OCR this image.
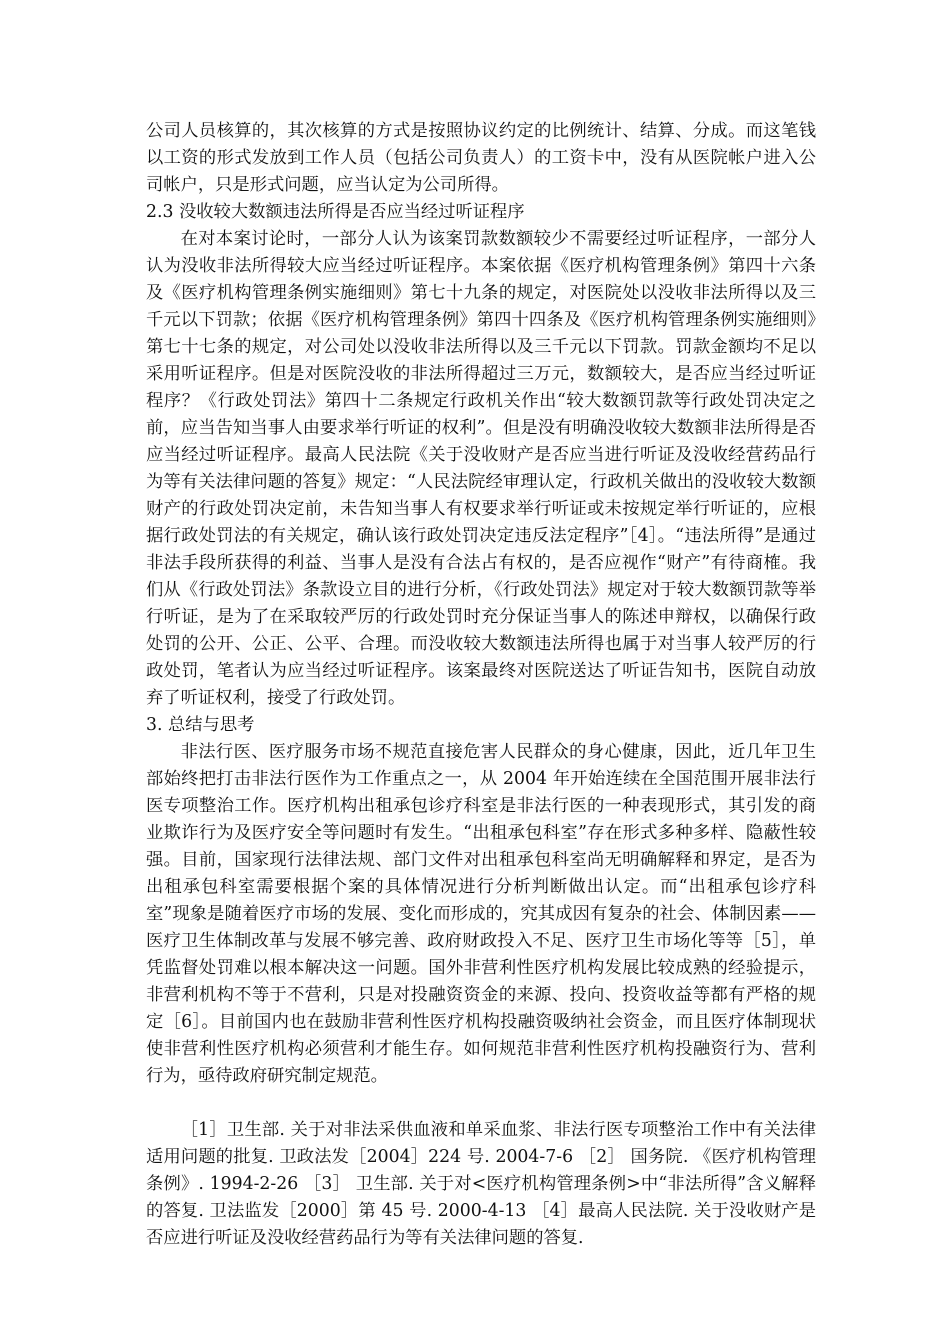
公司人员核算的，其次核算的方式是按照协议约定的比例统计、结算、分成。而这笔钱以工资的形式发放到工作人员（包括公司负责人）的工资卡中，没有从医院帐户进入公司帐户，只是形式问题，应当认定为公司所得。

2.3 没收较大数额违法所得是否应当经过听证程序

在对本案讨论时，一部分人认为该案罚款数额较少不需要经过听证程序，一部分人认为没收非法所得较大应当经过听证程序。本案依据《医疗机构管理条例》第四十六条及《医疗机构管理条例实施细则》第七十九条的规定，对医院处以没收非法所得以及三千元以下罚款；依据《医疗机构管理条例》第四十四条及《医疗机构管理条例实施细则》第七十七条的规定，对公司处以没收非法所得以及三千元以下罚款。罚款金额均不足以采用听证程序。但是对医院没收的非法所得超过三万元，数额较大，是否应当经过听证程序？《行政处罚法》第四十二条规定行政机关作出“较大数额罚款等行政处罚决定之前，应当告知当事人由要求举行听证的权利”。但是没有明确没收较大数额非法所得是否应当经过听证程序。最高人民法院《关于没收财产是否应当进行听证及没收经营药品行为等有关法律问题的答复》规定：“人民法院经审理认定，行政机关做出的没收较大数额财产的行政处罚决定前，未告知当事人有权要求举行听证或未按规定举行听证的，应根据行政处罚法的有关规定，确认该行政处罚决定违反法定程序”［4］。“违法所得”是通过非法手段所获得的利益、当事人是没有合法占有权的，是否应视作“财产”有待商榷。我们从《行政处罚法》条款设立目的进行分析，《行政处罚法》规定对于较大数额罚款等举行听证，是为了在采取较严厉的行政处罚时充分保证当事人的陈述申辩权，以确保行政处罚的公开、公正、公平、合理。而没收较大数额违法所得也属于对当事人较严厉的行政处罚，笔者认为应当经过听证程序。该案最终对医院送达了听证告知书，医院自动放弃了听证权利，接受了行政处罚。

3. 总结与思考

非法行医、医疗服务市场不规范直接危害人民群众的身心健康，因此，近几年卫生部始终把打击非法行医作为工作重点之一，从 2004 年开始连续在全国范围开展非法行医专项整治工作。医疗机构出租承包诊疗科室是非法行医的一种表现形式，其引发的商业欺诈行为及医疗安全等问题时有发生。“出租承包科室”存在形式多种多样、隐蔽性较强。目前，国家现行法律法规、部门文件对出租承包科室尚无明确解释和界定，是否为出租承包科室需要根据个案的具体情况进行分析判断做出认定。而“出租承包诊疗科室”现象是随着医疗市场的发展、变化而形成的，究其成因有复杂的社会、体制因素——医疗卫生体制改革与发展不够完善、政府财政投入不足、医疗卫生市场化等等［5］，单凭监督处罚难以根本解决这一问题。国外非营利性医疗机构发展比较成熟的经验提示，非营利机构不等于不营利，只是对投融资资金的来源、投向、投资收益等都有严格的规定［6］。目前国内也在鼓励非营利性医疗机构投融资吸纳社会资金，而且医疗体制现状使非营利性医疗机构必须营利才能生存。如何规范非营利性医疗机构投融资行为、营利行为，亟待政府研究制定规范。

［1］卫生部. 关于对非法采供血液和单采血浆、非法行医专项整治工作中有关法律适用问题的批复. 卫政法发［2004］224 号. 2004-7-6 ［2］ 国务院. 《医疗机构管理条例》. 1994-2-26 ［3］ 卫生部. 关于对<医疗机构管理条例>中“非法所得”含义解释的答复. 卫法监发［2000］第 45 号. 2000-4-13 ［4］最高人民法院. 关于没收财产是否应进行听证及没收经营药品行为等有关法律问题的答复.
